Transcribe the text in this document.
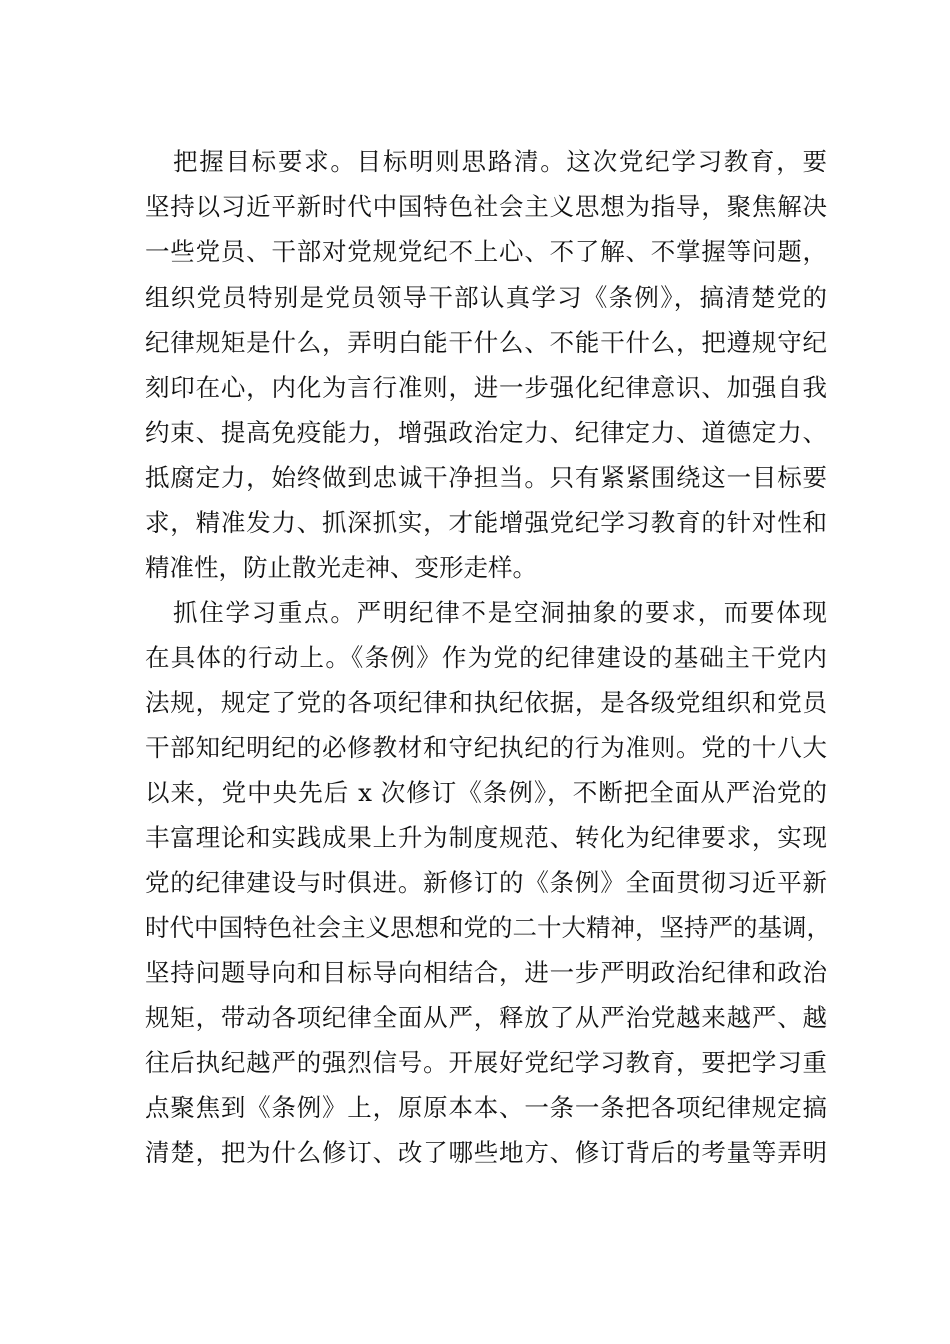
把握目标要求。目标明则思路清。这次党纪学习教育，要
坚持以习近平新时代中国特色社会主义思想为指导，聚焦解决
一些党员、干部对党规党纪不上心、不了解、不掌握等问题，
组织党员特别是党员领导干部认真学习《条例》，搞清楚党的
纪律规矩是什么，弄明白能干什么、不能干什么，把遵规守纪
刻印在心，内化为言行准则，进一步强化纪律意识、加强自我
约束、提高免疫能力，增强政治定力、纪律定力、道德定力、
抵腐定力，始终做到忠诚干净担当。只有紧紧围绕这一目标要
求，精准发力、抓深抓实，才能增强党纪学习教育的针对性和
精准性，防止散光走神、变形走样。
抓住学习重点。严明纪律不是空洞抽象的要求，而要体现
在具体的行动上。《条例》作为党的纪律建设的基础主干党内
法规，规定了党的各项纪律和执纪依据，是各级党组织和党员
干部知纪明纪的必修教材和守纪执纪的行为准则。党的十八大
以来，党中央先后 x 次修订《条例》，不断把全面从严治党的
丰富理论和实践成果上升为制度规范、转化为纪律要求，实现
党的纪律建设与时俱进。新修订的《条例》全面贯彻习近平新
时代中国特色社会主义思想和党的二十大精神，坚持严的基调，
坚持问题导向和目标导向相结合，进一步严明政治纪律和政治
规矩，带动各项纪律全面从严，释放了从严治党越来越严、越
往后执纪越严的强烈信号。开展好党纪学习教育，要把学习重
点聚焦到《条例》上，原原本本、一条一条把各项纪律规定搞
清楚，把为什么修订、改了哪些地方、修订背后的考量等弄明
